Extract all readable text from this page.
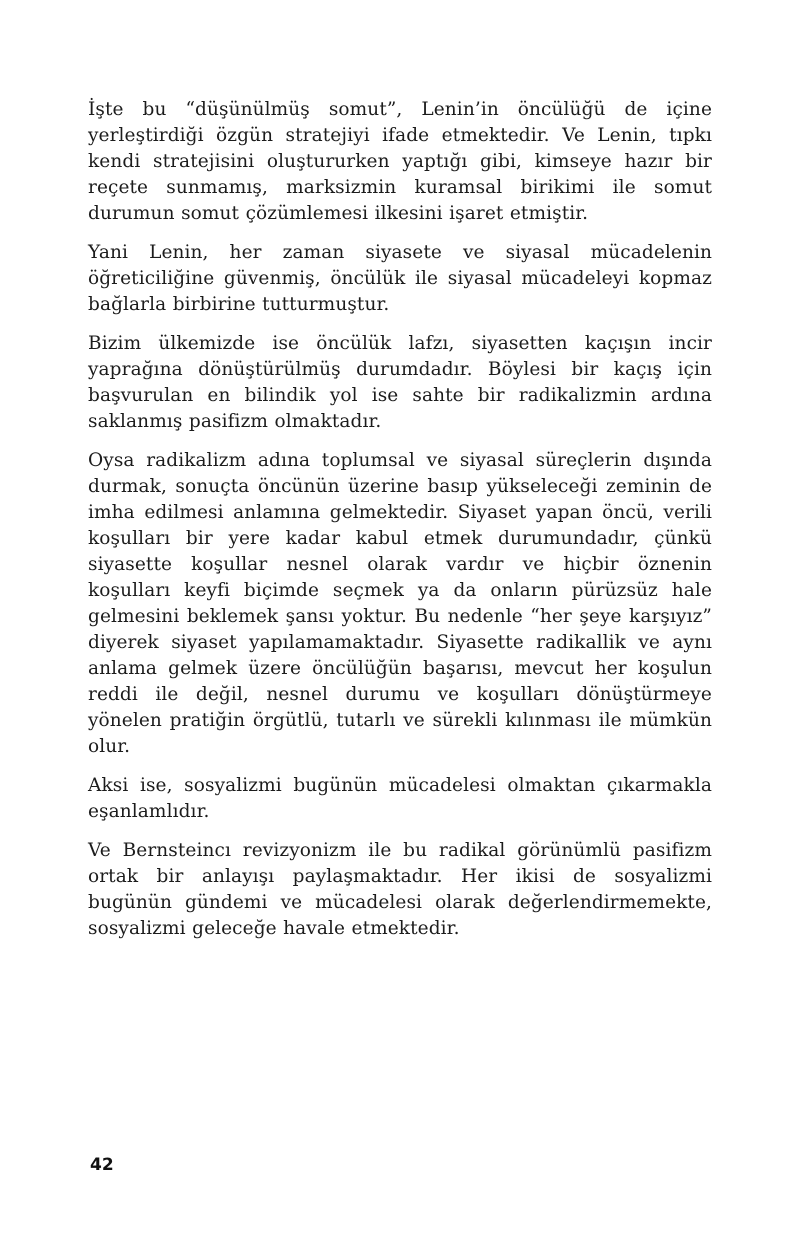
İşte bu “düşünülmüş somut”, Lenin’in öncülüğü de içine yerleştirdiği özgün stratejiyi ifade etmektedir. Ve Lenin, tıpkı kendi stratejisini oluştururken yaptığı gibi, kimseye hazır bir reçete sunmamış, marksizmin kuramsal birikimi ile somut durumun somut çözümlemesi ilkesini işaret etmiştir.

Yani Lenin, her zaman siyasete ve siyasal mücadelenin öğreticiliğine güvenmiş, öncülük ile siyasal mücadeleyi kopmaz bağlarla birbirine tutturmuştur.

Bizim ülkemizde ise öncülük lafzı, siyasetten kaçışın incir yaprağına dönüştürülmüş durumdadır. Böylesi bir kaçış için başvurulan en bilindik yol ise sahte bir radikalizmin ardına saklanmış pasifizm olmaktadır.

Oysa radikalizm adına toplumsal ve siyasal süreçlerin dışında durmak, sonuçta öncünün üzerine basıp yükseleceği zeminin de imha edilmesi anlamına gelmektedir. Siyaset yapan öncü, verili koşulları bir yere kadar kabul etmek durumundadır, çünkü siyasette koşullar nesnel olarak vardır ve hiçbir öznenin koşulları keyfi biçimde seçmek ya da onların pürüzsüz hale gelmesini beklemek şansı yoktur. Bu nedenle “her şeye karşıyız” diyerek siyaset yapılamamaktadır. Siyasette radikallik ve aynı anlama gelmek üzere öncülüğün başarısı, mevcut her koşulun reddi ile değil, nesnel durumu ve koşulları dönüştürmeye yönelen pratiğin örgütlü, tutarlı ve sürekli kılınması ile mümkün olur.

Aksi ise, sosyalizmi bugünün mücadelesi olmaktan çıkarmakla eşanlamlıdır.

Ve Bernsteincı revizyonizm ile bu radikal görünümlü pasifizm ortak bir anlayışı paylaşmaktadır. Her ikisi de sosyalizmi bugünün gündemi ve mücadelesi olarak değerlendirmemekte, sosyalizmi geleceğe havale etmektedir.

42
